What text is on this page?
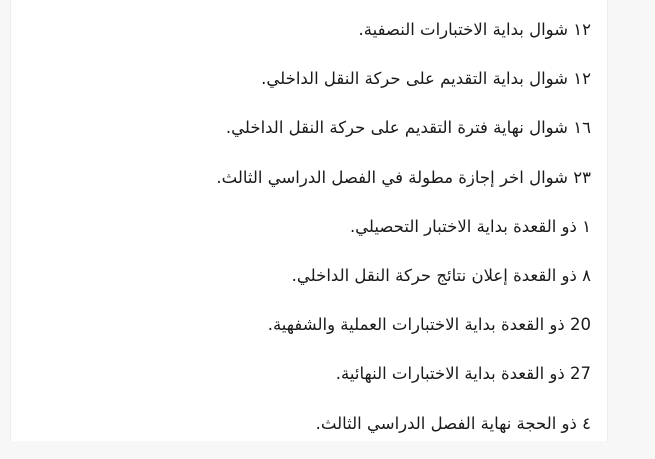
١٢ شوال بداية الاختبارات النصفية.
١٢ شوال بداية التقديم على حركة النقل الداخلي.
١٦ شوال نهاية فترة التقديم على حركة النقل الداخلي.
٢٣ شوال اخر إجازة مطولة في الفصل الدراسي الثالث.
١ ذو القعدة بداية الاختبار التحصيلي.
٨ ذو القعدة إعلان نتائج حركة النقل الداخلي.
20 ذو القعدة بداية الاختبارات العملية والشفهية.
27 ذو القعدة بداية الاختبارات النهائية.
٤ ذو الحجة نهاية الفصل الدراسي الثالث.
